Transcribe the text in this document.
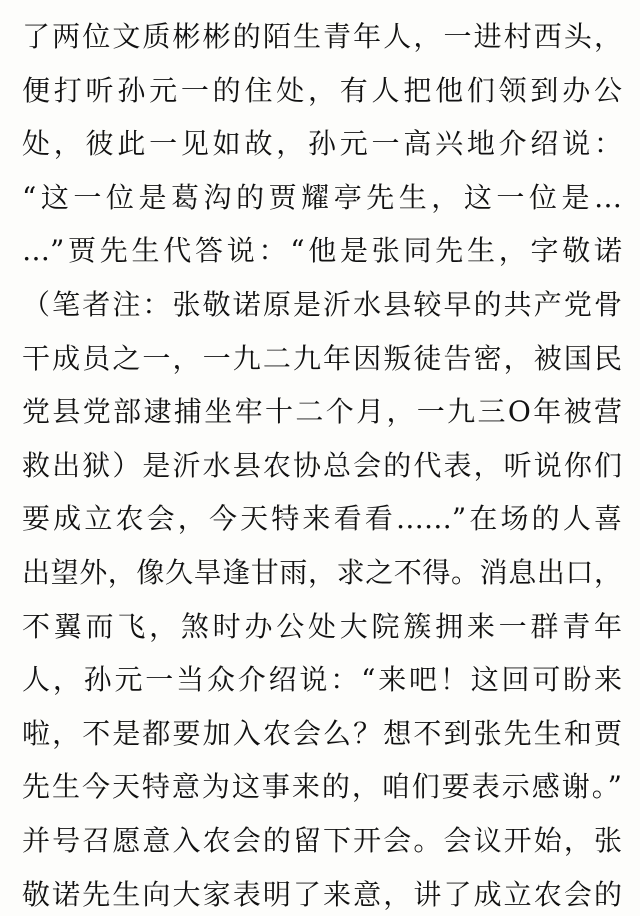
了两位文质彬彬的陌生青年人，一进村西头，
便打听孙元一的住处，有人把他们领到办公
处，彼此一见如故，孙元一高兴地介绍说：
“这一位是葛沟的贾耀亭先生，这一位是…
…”贾先生代答说：“他是张同先生，字敬诺
（笔者注：张敬诺原是沂水县较早的共产党骨
干成员之一，一九二九年因叛徒告密，被国民
党县党部逮捕坐牢十二个月，一九三O年被营
救出狱）是沂水县农协总会的代表，听说你们
要成立农会，今天特来看看……”在场的人喜
出望外，像久旱逢甘雨，求之不得。消息出口，
不翼而飞，煞时办公处大院簇拥来一群青年
人，孙元一当众介绍说：“来吧！这回可盼来
啦，不是都要加入农会么？想不到张先生和贾
先生今天特意为这事来的，咱们要表示感谢。”
并号召愿意入农会的留下开会。会议开始，张
敬诺先生向大家表明了来意，讲了成立农会的
